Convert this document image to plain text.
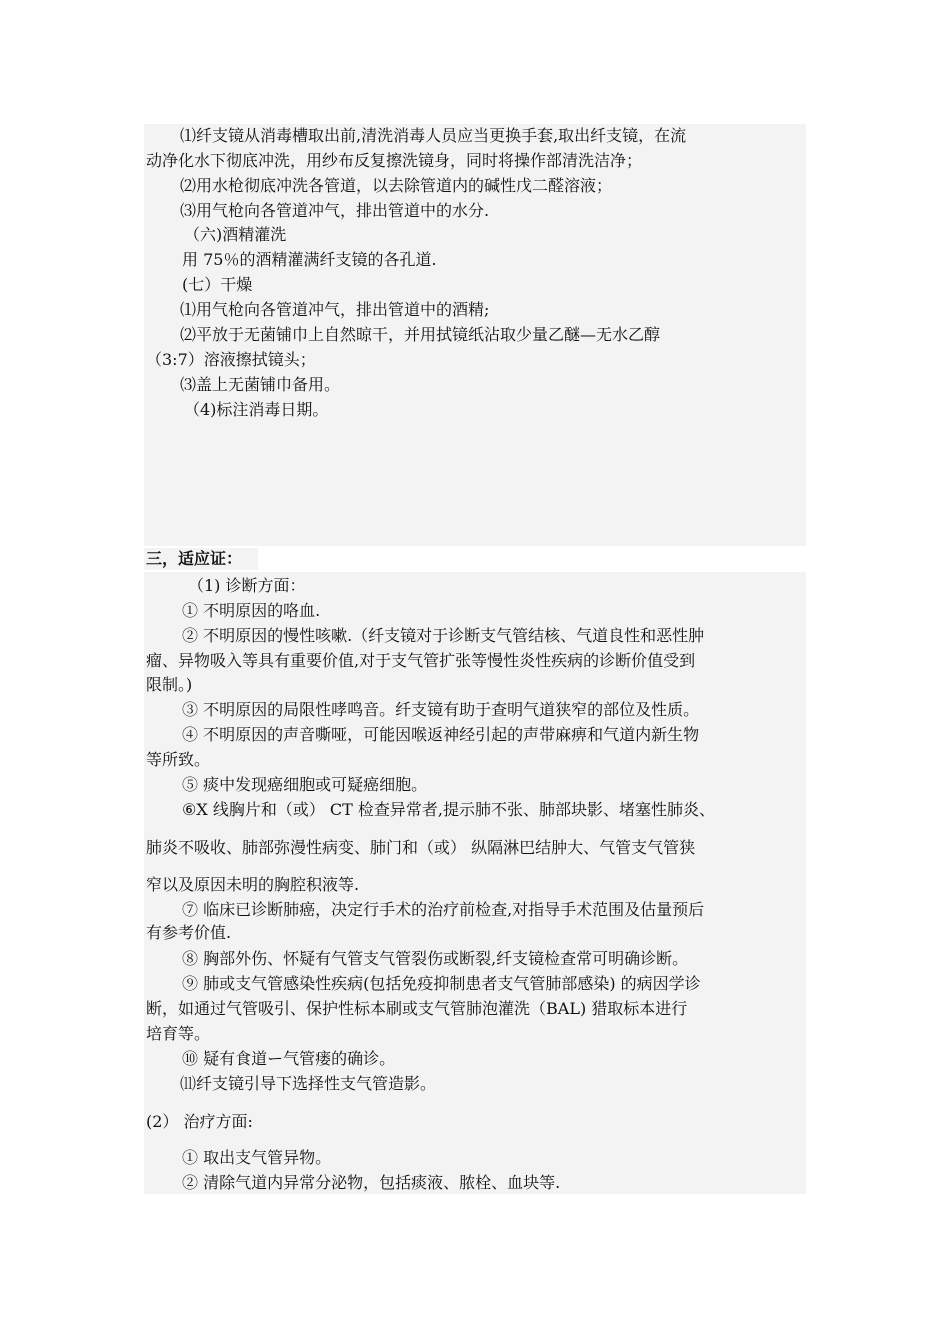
⑴纤支镜从消毒槽取出前,清洗消毒人员应当更换手套,取出纤支镜，在流
动净化水下彻底冲洗，用纱布反复擦洗镜身，同时将操作部清洗洁净；
⑵用水枪彻底冲洗各管道，以去除管道内的碱性戊二醛溶液；
⑶用气枪向各管道冲气，排出管道中的水分.
（六)酒精灌洗
用 75％的酒精灌满纤支镜的各孔道.
(七）干燥
⑴用气枪向各管道冲气，排出管道中的酒精;
⑵平放于无菌铺巾上自然晾干，并用拭镜纸沾取少量乙醚—无水乙醇
（3:7）溶液擦拭镜头；
⑶盖上无菌铺巾备用。
（4)标注消毒日期。
三，适应证：
（1) 诊断方面：
① 不明原因的咯血.
② 不明原因的慢性咳嗽.（纤支镜对于诊断支气管结核、气道良性和恶性肿
瘤、异物吸入等具有重要价值,对于支气管扩张等慢性炎性疾病的诊断价值受到
限制。)
③ 不明原因的局限性哮鸣音。纤支镜有助于查明气道狭窄的部位及性质。
④ 不明原因的声音嘶哑，可能因喉返神经引起的声带麻痹和气道内新生物
等所致。
⑤ 痰中发现癌细胞或可疑癌细胞。
⑥X 线胸片和（或） CT 检查异常者,提示肺不张、肺部块影、堵塞性肺炎、
肺炎不吸收、肺部弥漫性病变、肺门和（或） 纵隔淋巴结肿大、气管支气管狭
窄以及原因未明的胸腔积液等.
⑦ 临床已诊断肺癌，决定行手术的治疗前检查,对指导手术范围及估量预后
有参考价值.
⑧ 胸部外伤、怀疑有气管支气管裂伤或断裂,纤支镜检查常可明确诊断。
⑨ 肺或支气管感染性疾病(包括免疫抑制患者支气管肺部感染) 的病因学诊
断，如通过气管吸引、保护性标本刷或支气管肺泡灌洗（BAL) 猎取标本进行
培育等。
⑩ 疑有食道ー气管瘘的确诊。
⑾纤支镜引导下选择性支气管造影。
(2） 治疗方面:
① 取出支气管异物。
② 清除气道内异常分泌物，包括痰液、脓栓、血块等.
